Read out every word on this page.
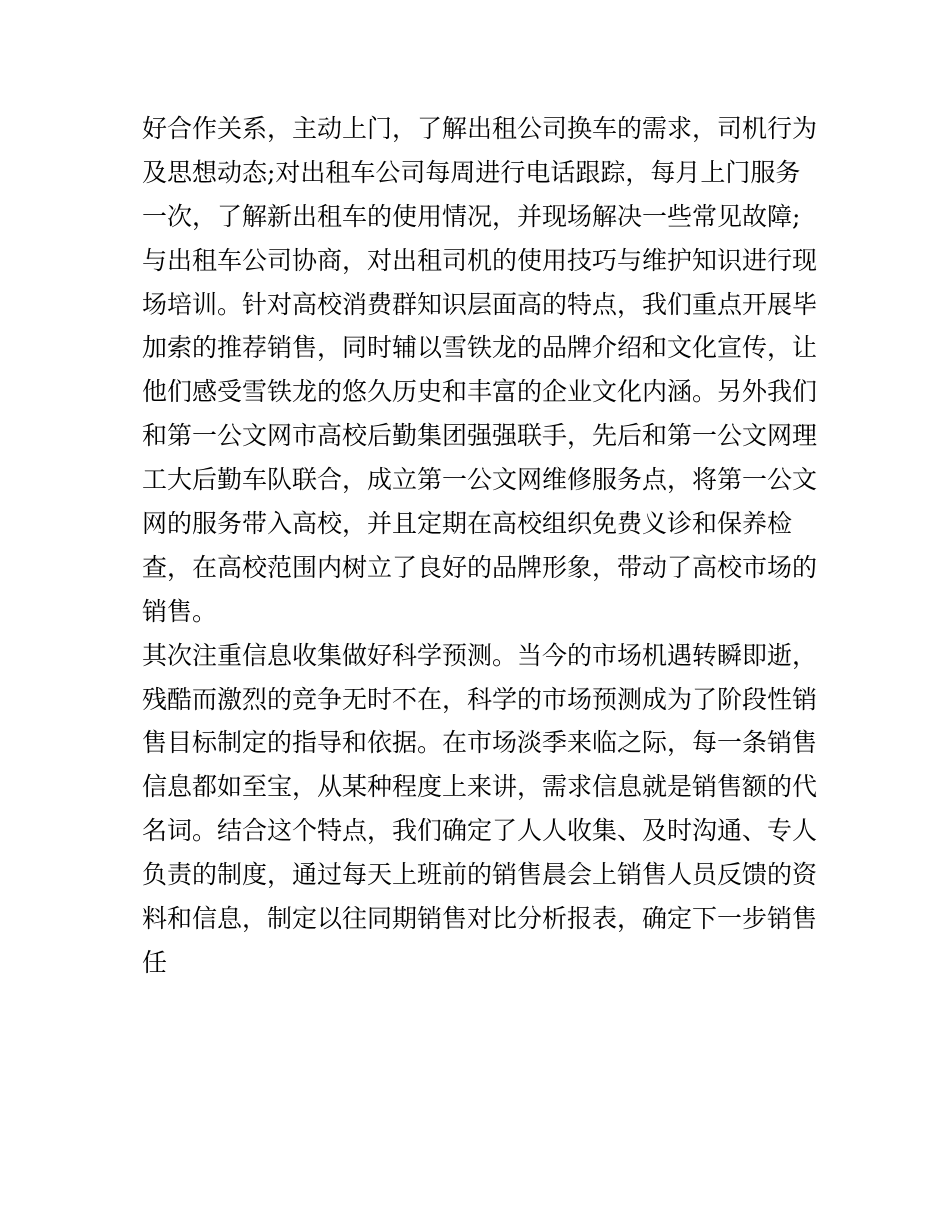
好合作关系，主动上门，了解出租公司换车的需求，司机行为
及思想动态;对出租车公司每周进行电话跟踪，每月上门服务
一次，了解新出租车的使用情况，并现场解决一些常见故障;
与出租车公司协商，对出租司机的使用技巧与维护知识进行现
场培训。针对高校消费群知识层面高的特点，我们重点开展毕
加索的推荐销售，同时辅以雪铁龙的品牌介绍和文化宣传，让
他们感受雪铁龙的悠久历史和丰富的企业文化内涵。另外我们
和第一公文网市高校后勤集团强强联手，先后和第一公文网理
工大后勤车队联合，成立第一公文网维修服务点，将第一公文
网的服务带入高校，并且定期在高校组织免费义诊和保养检
查，在高校范围内树立了良好的品牌形象，带动了高校市场的
销售。
其次注重信息收集做好科学预测。当今的市场机遇转瞬即逝，
残酷而激烈的竞争无时不在，科学的市场预测成为了阶段性销
售目标制定的指导和依据。在市场淡季来临之际，每一条销售
信息都如至宝，从某种程度上来讲，需求信息就是销售额的代
名词。结合这个特点，我们确定了人人收集、及时沟通、专人
负责的制度，通过每天上班前的销售晨会上销售人员反馈的资
料和信息，制定以往同期销售对比分析报表，确定下一步销售
任
